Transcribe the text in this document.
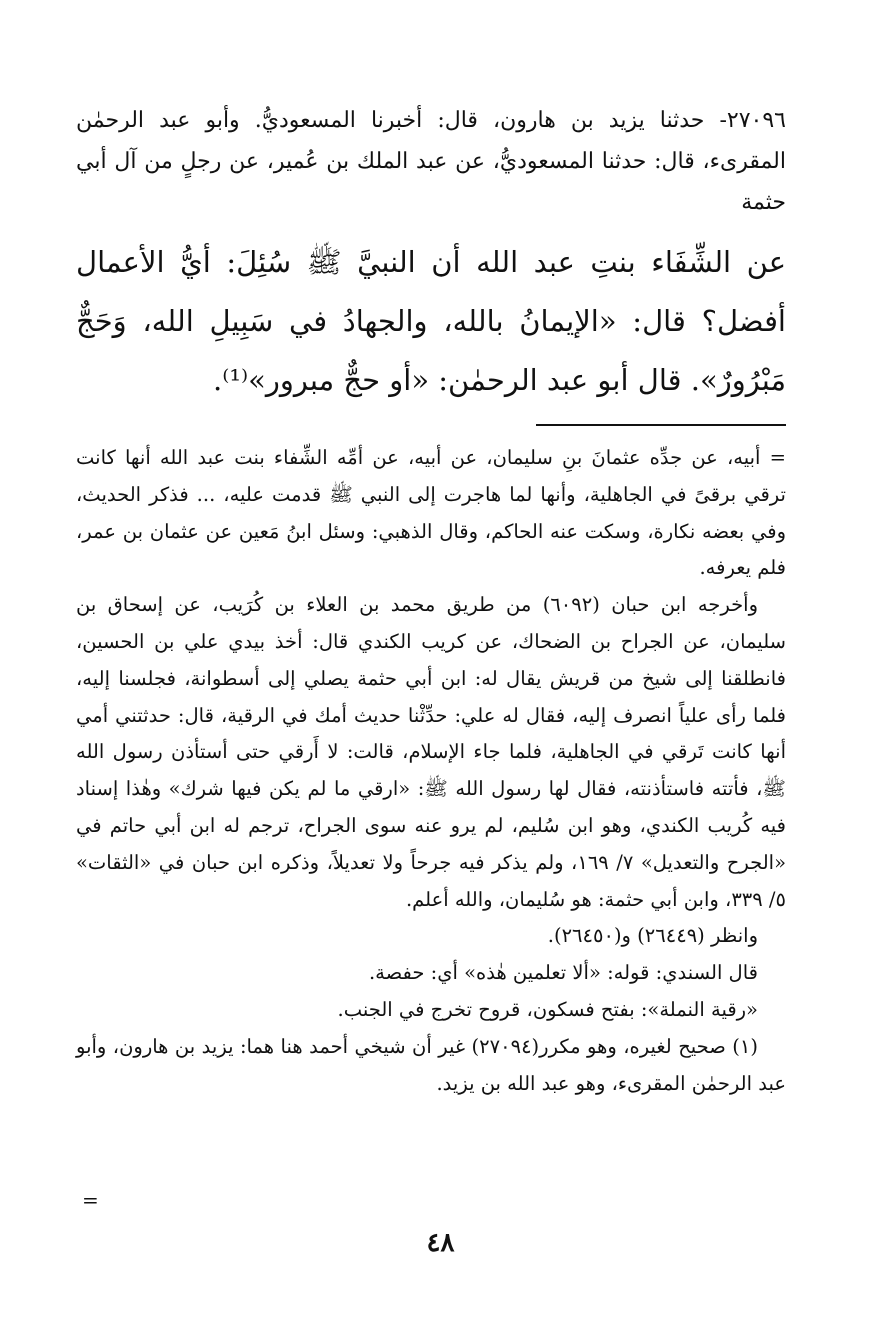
٢٧٠٩٦- حدثنا يزيد بن هارون، قال: أخبرنا المسعوديُّ. وأبو عبد الرحمٰن المقرىء، قال: حدثنا المسعوديُّ، عن عبد الملك بن عُمير، عن رجلٍ من آل أبي حثمة

عن الشِّفَاء بنتِ عبد الله أن النبيَّ ﷺ سُئِلَ: أيُّ الأعمال أفضل؟ قال: «الإيمانُ بالله، والجهادُ في سَبِيلِ الله، وَحَجٌّ مَبْرُورٌ». قال أبو عبد الرحمٰن: «أو حجٌّ مبرور»⁽¹⁾.

= أبيه، عن جدِّه عثمانَ بنِ سليمان، عن أبيه، عن أمِّه الشِّفاء بنت عبد الله أنها كانت ترقي برقىً في الجاهلية، وأنها لما هاجرت إلى النبي ﷺ قدمت عليه، ... فذكر الحديث، وفي بعضه نكارة، وسكت عنه الحاكم، وقال الذهبي: وسئل ابنُ مَعين عن عثمان بن عمر، فلم يعرفه.

وأخرجه ابن حبان (٦٠٩٢) من طريق محمد بن العلاء بن كُرَيب، عن إسحاق بن سليمان، عن الجراح بن الضحاك، عن كريب الكندي قال: أخذ بيدي علي بن الحسين، فانطلقنا إلى شيخ من قريش يقال له: ابن أبي حثمة يصلي إلى أسطوانة، فجلسنا إليه، فلما رأى علياً انصرف إليه، فقال له علي: حدِّثْنا حديث أمك في الرقية، قال: حدثتني أمي أنها كانت تَرقي في الجاهلية، فلما جاء الإسلام، قالت: لا أَرقي حتى أستأذن رسول الله ﷺ، فأتته فاستأذنته، فقال لها رسول الله ﷺ: «ارقي ما لم يكن فيها شرك» وهٰذا إسناد فيه كُريب الكندي، وهو ابن سُليم، لم يرو عنه سوى الجراح، ترجم له ابن أبي حاتم في «الجرح والتعديل» ٧/ ١٦٩، ولم يذكر فيه جرحاً ولا تعديلاً، وذكره ابن حبان في «الثقات» ٥/ ٣٣٩، وابن أبي حثمة: هو سُليمان، والله أعلم.

وانظر (٢٦٤٤٩) و(٢٦٤٥٠).

قال السندي: قوله: «ألا تعلمين هٰذه» أي: حفصة.

«رقية النملة»: بفتح فسكون، قروح تخرج في الجنب.

(١) صحيح لغيره، وهو مكرر(٢٧٠٩٤) غير أن شيخي أحمد هنا هما: يزيد بن هارون، وأبو عبد الرحمٰن المقرىء، وهو عبد الله بن يزيد.

=
٤٨
